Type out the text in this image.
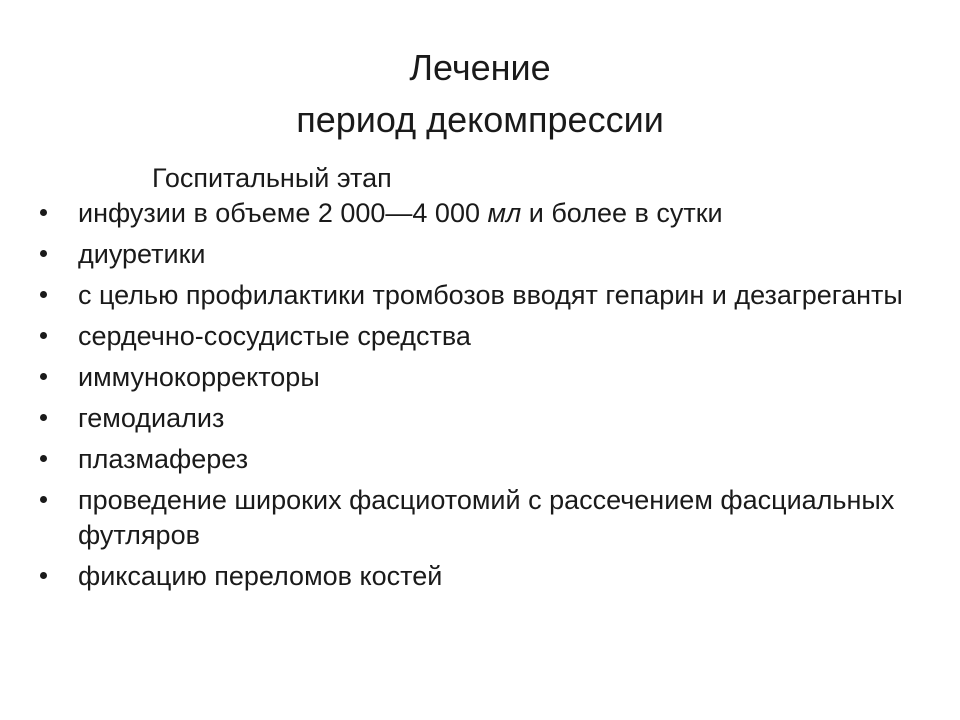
Лечение
период декомпрессии

Госпитальный этап

инфузии в объеме 2 000—4 000 мл и более в сутки
диуретики
с целью профилактики тромбозов вводят гепарин и дезагреганты
сердечно-сосудистые средства
иммунокорректоры
гемодиализ
плазмаферез
проведение широких фасциотомий с рассечением фасциальных футляров
фиксацию переломов костей
